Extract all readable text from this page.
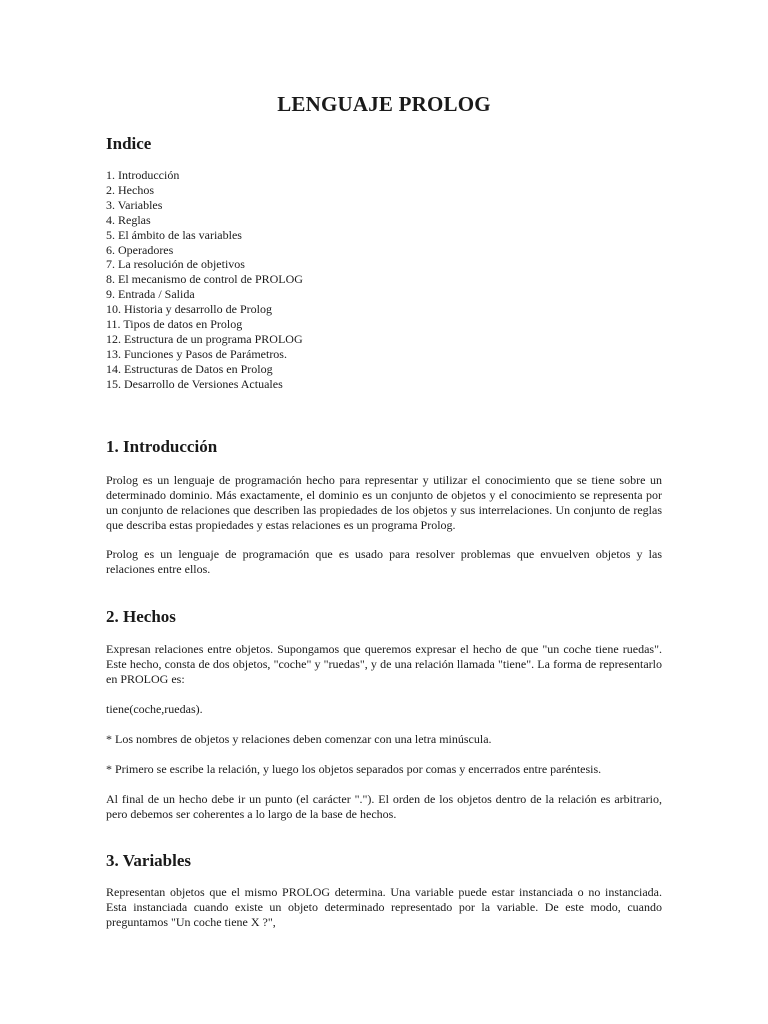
LENGUAJE PROLOG
Indice
1. Introducción
2. Hechos
3. Variables
4. Reglas
5. El ámbito de las variables
6. Operadores
7. La resolución de objetivos
8. El mecanismo de control de PROLOG
9. Entrada / Salida
10. Historia y desarrollo de Prolog
11. Tipos de datos en Prolog
12. Estructura de un programa PROLOG
13. Funciones y Pasos de Parámetros.
14. Estructuras de Datos en Prolog
15. Desarrollo de Versiones Actuales
1. Introducción

Prolog es un lenguaje de programación hecho para representar y utilizar el conocimiento que se tiene sobre un determinado dominio. Más exactamente, el dominio es un conjunto de objetos y el conocimiento se representa por un conjunto de relaciones que describen las propiedades de los objetos y sus interrelaciones. Un conjunto de reglas que describa estas propiedades y estas relaciones es un programa Prolog.

Prolog es un lenguaje de programación que es usado para resolver problemas que envuelven objetos y las relaciones entre ellos.

2. Hechos

Expresan relaciones entre objetos. Supongamos que queremos expresar el hecho de que "un coche tiene ruedas". Este hecho, consta de dos objetos, "coche" y "ruedas", y de una relación llamada "tiene". La forma de representarlo en PROLOG es:

tiene(coche,ruedas).

* Los nombres de objetos y relaciones deben comenzar con una letra minúscula.

* Primero se escribe la relación, y luego los objetos separados por comas y encerrados entre paréntesis.

Al final de un hecho debe ir un punto (el carácter "."). El orden de los objetos dentro de la relación es arbitrario, pero debemos ser coherentes a lo largo de la base de hechos.

3. Variables

Representan objetos que el mismo PROLOG determina. Una variable puede estar instanciada o no instanciada. Esta instanciada cuando existe un objeto determinado representado por la variable. De este modo, cuando preguntamos "Un coche tiene X ?",
